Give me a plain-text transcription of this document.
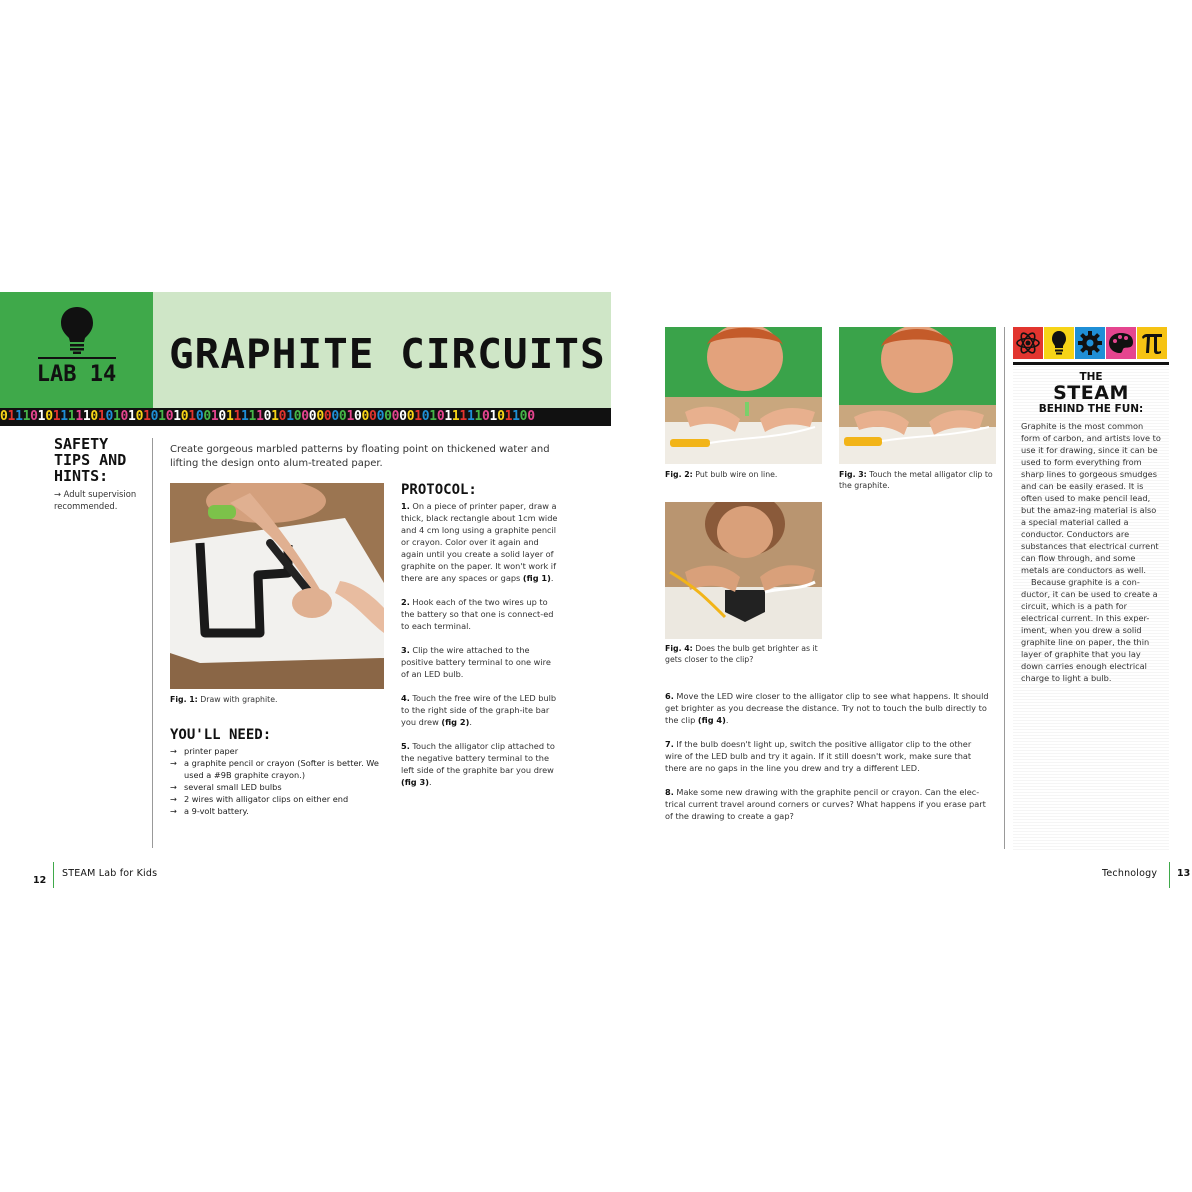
LAB 14	GRAPHITE CIRCUITS
01110101111101010101010101001011111010100000001000000001010111110101100
SAFETY TIPS AND HINTS:
→ Adult supervision recommended.
Create gorgeous marbled patterns by floating point on thickened water and lifting the design onto alum-treated paper.
Fig. 1: Draw with graphite.
YOU'LL NEED:
→ printer paper
→ a graphite pencil or crayon (Softer is better. We used a #9B graphite crayon.)
→ several small LED bulbs
→ 2 wires with alligator clips on either end
→ a 9-volt battery.
PROTOCOL:
1. On a piece of printer paper, draw a thick, black rectangle about 1cm wide and 4 cm long using a graphite pencil or crayon. Color over it again and again until you create a solid layer of graphite on the paper. It won't work if there are any spaces or gaps (fig 1).
2. Hook each of the two wires up to the battery so that one is connect-ed to each terminal.
3. Clip the wire attached to the positive battery terminal to one wire of an LED bulb.
4. Touch the free wire of the LED bulb to the right side of the graph-ite bar you drew (fig 2).
5. Touch the alligator clip attached to the negative battery terminal to the left side of the graphite bar you drew (fig 3).
12
STEAM Lab for Kids
Fig. 2: Put bulb wire on line.	Fig. 3: Touch the metal alligator clip to the graphite.
Fig. 4: Does the bulb get brighter as it gets closer to the clip?
6. Move the LED wire closer to the alligator clip to see what happens. It should get brighter as you decrease the distance. Try not to touch the bulb directly to the clip (fig 4).
7. If the bulb doesn't light up, switch the positive alligator clip to the other wire of the LED bulb and try it again. If it still doesn't work, make sure that there are no gaps in the line you drew and try a different LED.
8. Make some new drawing with the graphite pencil or crayon. Can the elec-trical current travel around corners or curves? What happens if you erase part of the drawing to create a gap?
THE
STEAM
BEHIND THE FUN:
Graphite is the most common form of carbon, and artists love to use it for drawing, since it can be used to form everything from sharp lines to gorgeous smudges and can be easily erased. It is often used to make pencil lead, but the amaz-ing material is also a special material called a conductor. Conductors are substances that electrical current can flow through, and some metals are conductors as well.
Because graphite is a con-ductor, it can be used to create a circuit, which is a path for electrical current. In this exper-iment, when you drew a solid graphite line on paper, the thin layer of graphite that you lay down carries enough electrical charge to light a bulb.
Technology 13
